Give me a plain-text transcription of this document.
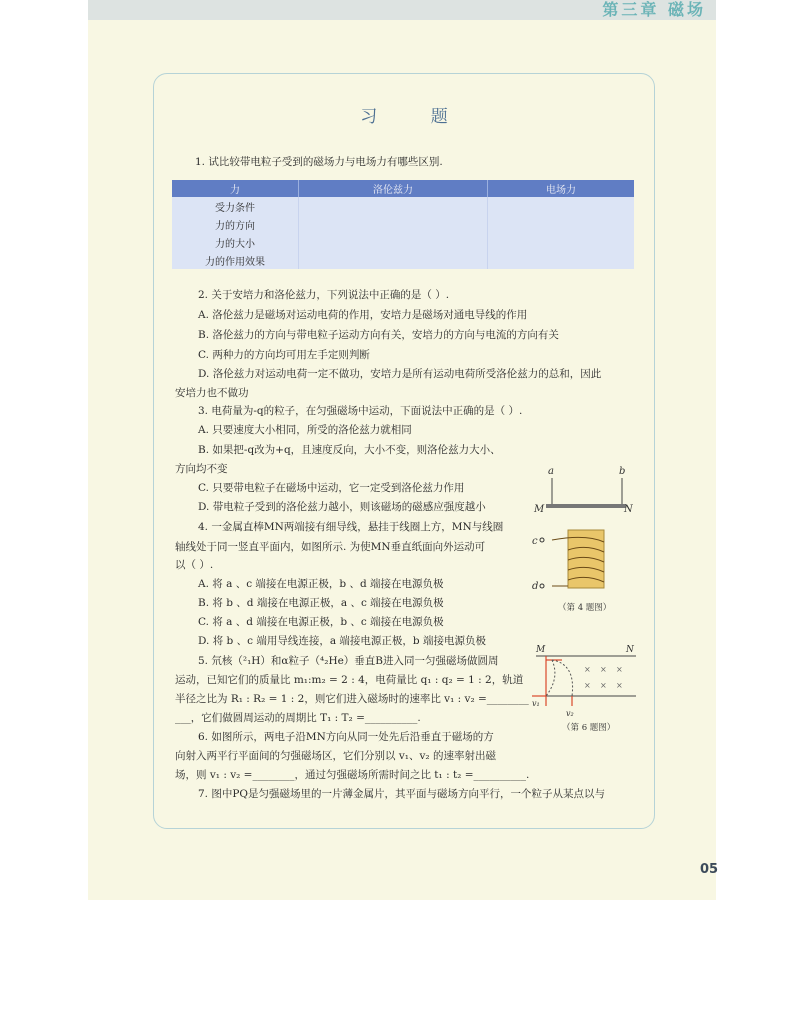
第三章 磁场
习 题
1. 试比较带电粒子受到的磁场力与电场力有哪些区别.
力	洛伦兹力	电场力
受力条件		
力的方向		
力的大小		
力的作用效果		
2. 关于安培力和洛伦兹力，下列说法中正确的是（ ）.
A. 洛伦兹力是磁场对运动电荷的作用，安培力是磁场对通电导线的作用
B. 洛伦兹力的方向与带电粒子运动方向有关，安培力的方向与电流的方向有关
C. 两种力的方向均可用左手定则判断
D. 洛伦兹力对运动电荷一定不做功，安培力是所有运动电荷所受洛伦兹力的总和，因此
安培力也不做功
3. 电荷量为-q的粒子，在匀强磁场中运动，下面说法中正确的是（ ）.
A. 只要速度大小相同，所受的洛伦兹力就相同
B. 如果把-q改为+q，且速度反向，大小不变，则洛伦兹力大小、
方向均不变
C. 只要带电粒子在磁场中运动，它一定受到洛伦兹力作用
D. 带电粒子受到的洛伦兹力越小，则该磁场的磁感应强度越小
4. 一金属直棒MN两端接有细导线，悬挂于线圈上方，MN与线圈
轴线处于同一竖直平面内，如图所示. 为使MN垂直纸面向外运动可
以（ ）.
A. 将 a 、c 端接在电源正极，b 、d 端接在电源负极
B. 将 b 、d 端接在电源正极，a 、c 端接在电源负极
C. 将 a 、d 端接在电源正极，b 、c 端接在电源负极
D. 将 b 、c 端用导线连接，a 端接电源正极，b 端接电源负极
a	b
M	N
c
d
（第 4 题图）
5. 氘核（²₁H）和α粒子（⁴₂He）垂直B进入同一匀强磁场做圆周
运动，已知它们的质量比 m₁:m₂ = 2 : 4，电荷量比 q₁ : q₂ = 1 : 2，轨道
半径之比为 R₁ : R₂ = 1 : 2，则它们进入磁场时的速率比 v₁ : v₂ =________
___，它们做圆周运动的周期比 T₁ : T₂ =__________.
M	N
v₁
v₂
× × ×
× × ×
（第 6 题图）
6. 如图所示，两电子沿MN方向从同一处先后沿垂直于磁场的方
向射入两平行平面间的匀强磁场区，它们分别以 v₁、v₂ 的速率射出磁
场，则 v₁ : v₂ =________，通过匀强磁场所需时间之比 t₁ : t₂ =__________.
7. 图中PQ是匀强磁场里的一片薄金属片，其平面与磁场方向平行，一个粒子从某点以与
05
